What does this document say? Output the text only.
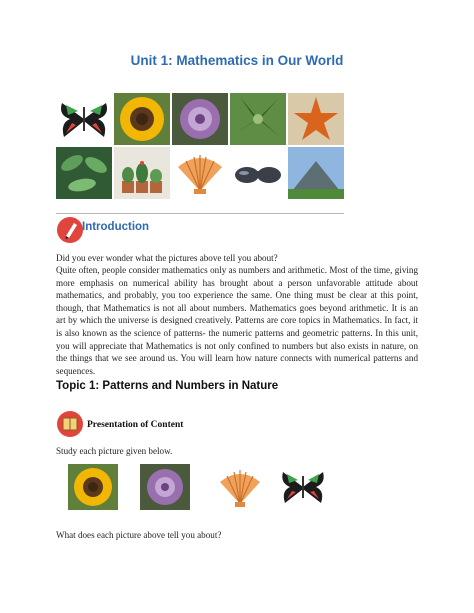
Unit 1: Mathematics in Our World
Introduction
Did you ever wonder what the pictures above tell you about?
Quite often, people consider mathematics only as numbers and arithmetic. Most of the time, giving more emphasis on numerical ability has brought about a person unfavorable attitude about mathematics, and probably, you too experience the same. One thing must be clear at this point, though, that Mathematics is not all about numbers. Mathematics goes beyond arithmetic. It is an art by which the universe is designed creatively. Patterns are core topics in Mathematics. In fact, it is also known as the science of patterns- the numeric patterns and geometric patterns. In this unit, you will appreciate that Mathematics is not only confined to numbers but also exists in nature, on the things that we see around us. You will learn how nature connects with numerical patterns and sequences.
Topic 1: Patterns and Numbers in Nature
Presentation of Content
Study each picture given below.
What does each picture above tell you about?
